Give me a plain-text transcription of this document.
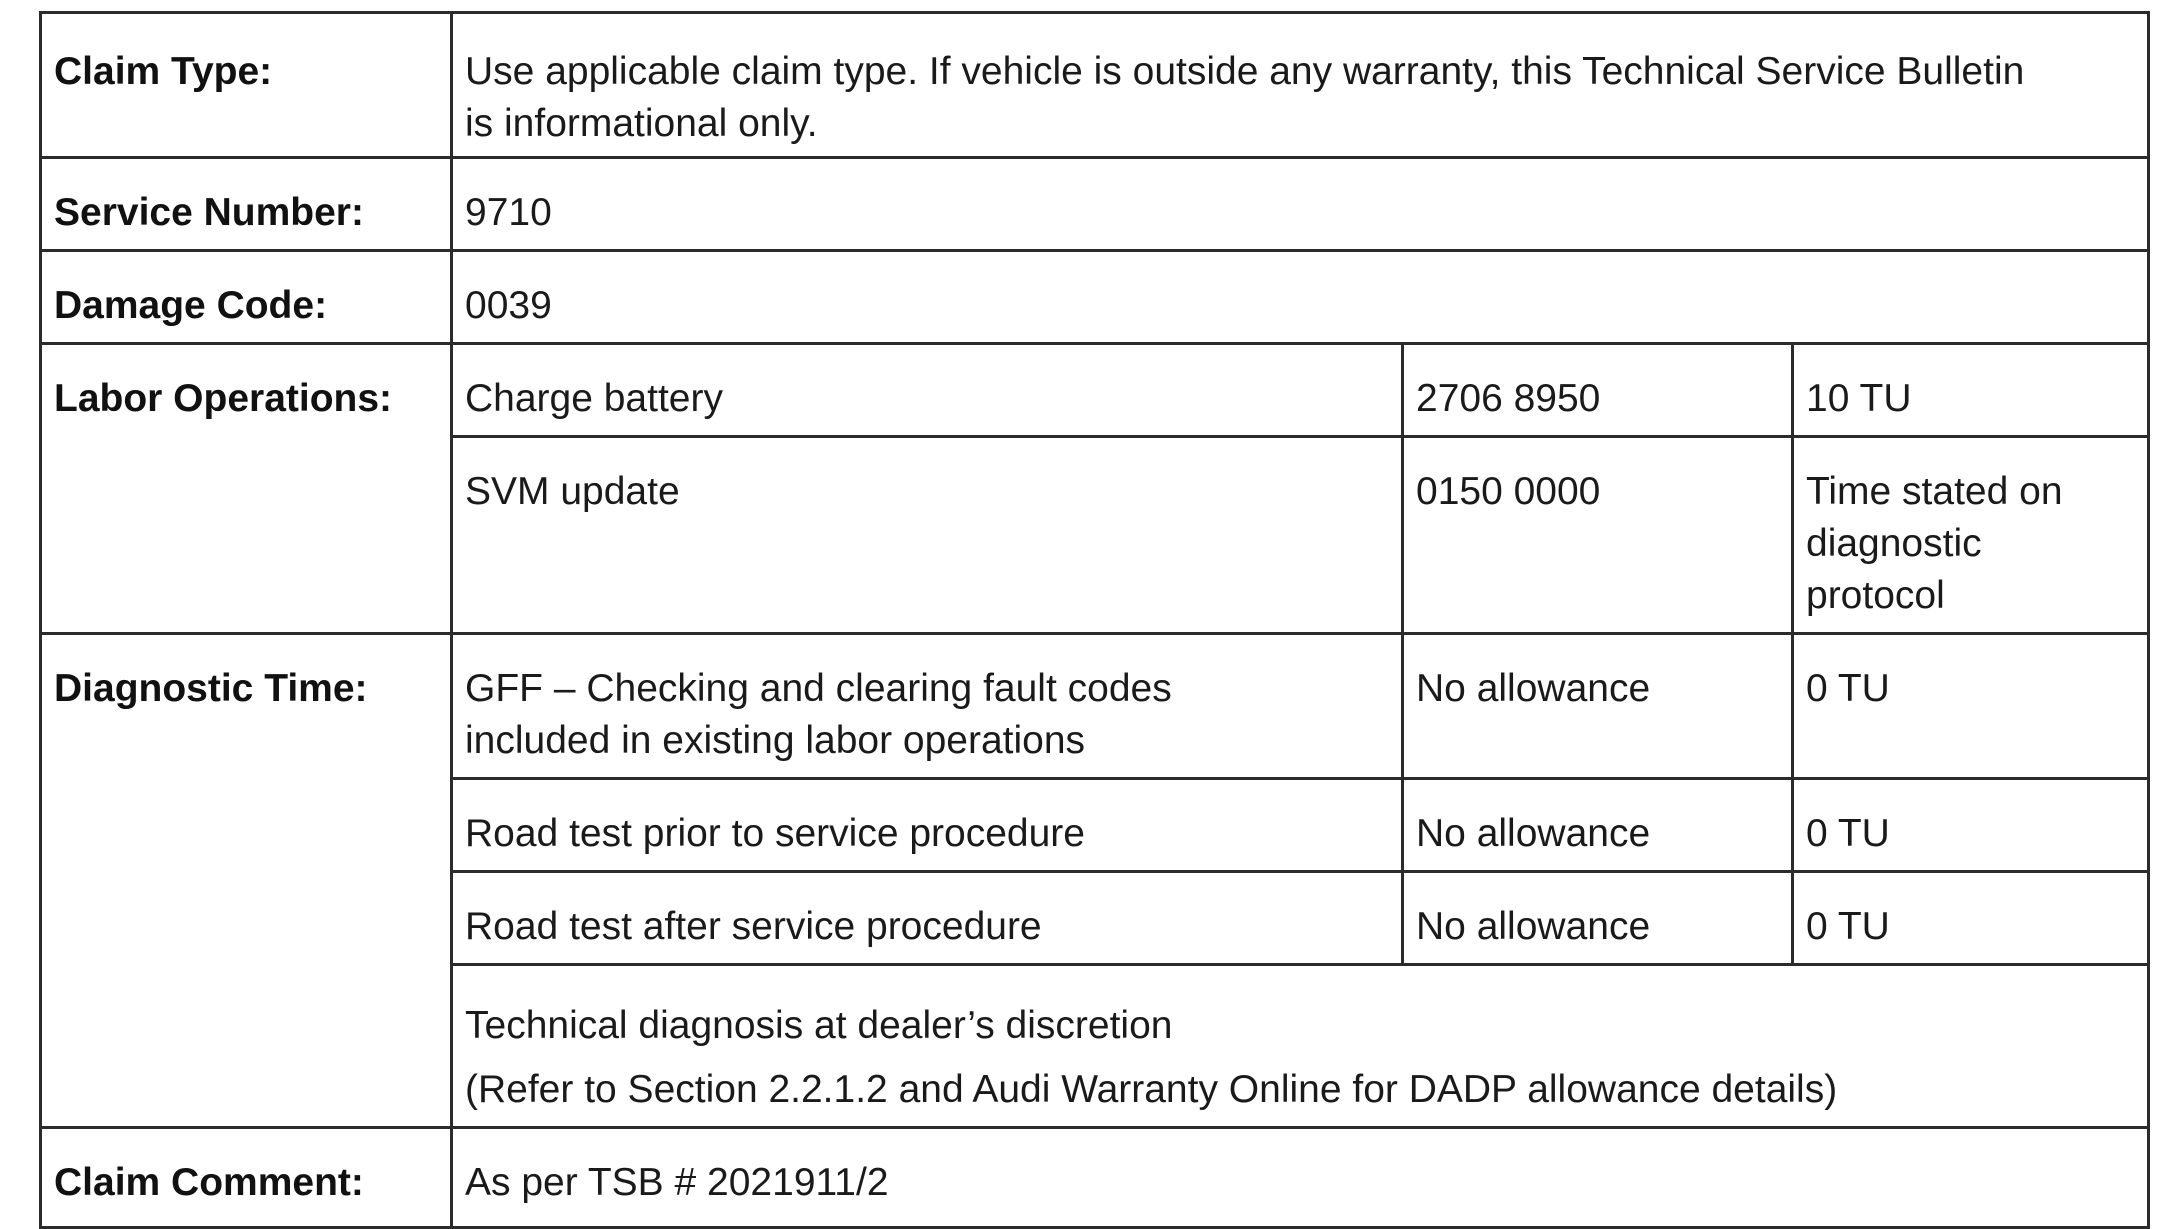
Claim Type:	Use applicable claim type. If vehicle is outside any warranty, this Technical Service Bulletin is informational only.		
Service Number:	9710		
Damage Code:	0039		
Labor Operations:	Charge battery	2706 8950	10 TU
	SVM update	0150 0000	Time stated on diagnostic protocol
Diagnostic Time:	GFF – Checking and clearing fault codes included in existing labor operations	No allowance	0 TU
	Road test prior to service procedure	No allowance	0 TU
	Road test after service procedure	No allowance	0 TU

	Technical diagnosis at dealer’s discretion
(Refer to Section 2.2.1.2 and Audi Warranty Online for DADP allowance details)		

Claim Comment:	As per TSB # 2021911/2		
